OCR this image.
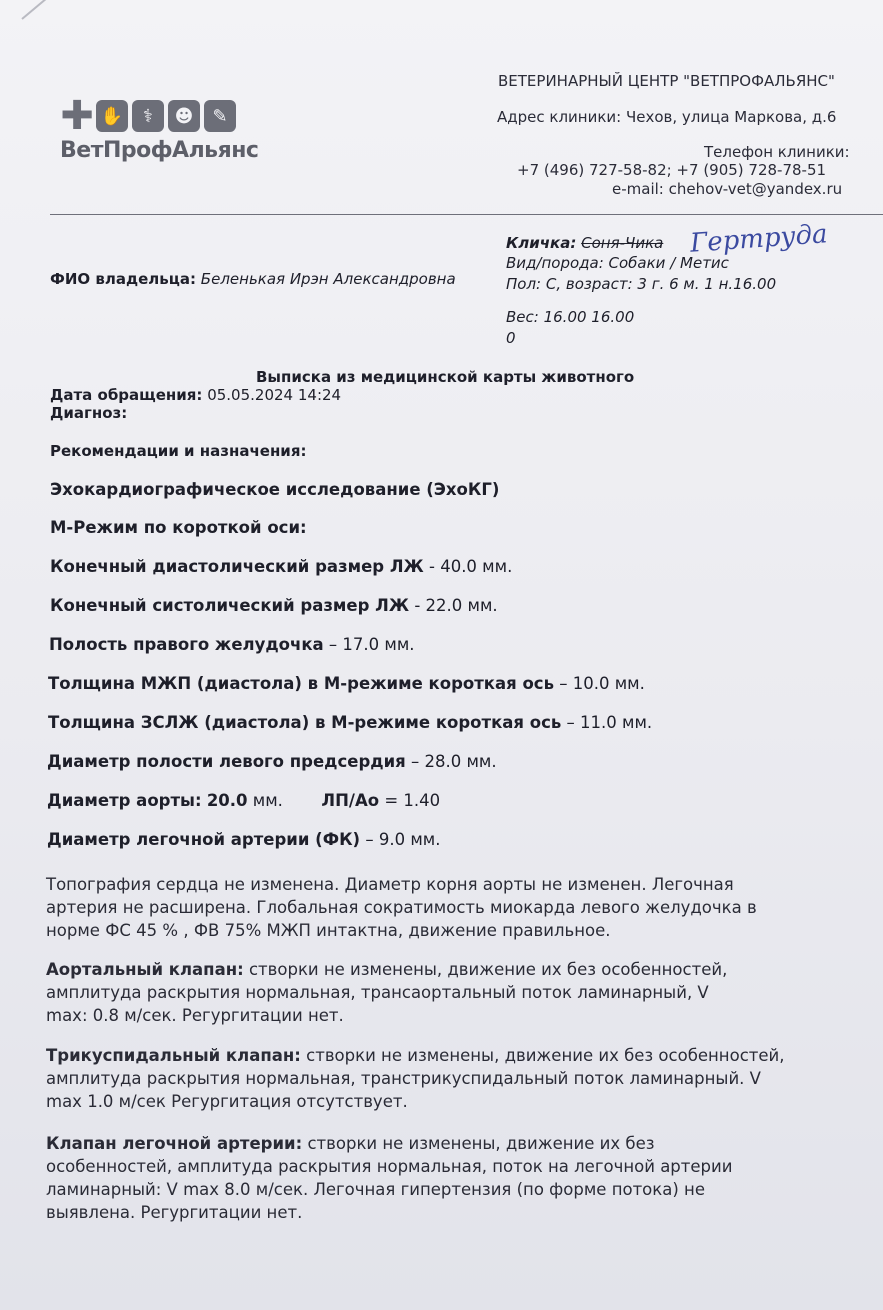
✚ ✋	⚕	☻	✎
ВетПрофАльянс
ВЕТЕРИНАРНЫЙ ЦЕНТР "ВЕТПРОФАЛЬЯНС"
Адрес клиники: Чехов, улица Маркова, д.6
Телефон клиники:
+7 (496) 727-58-82; +7 (905) 728-78-51
e-mail: chehov-vet@yandex.ru
Кличка: Соня-Чика Гертруда
Вид/порода: Собаки / Метис
Пол: С, возраст: 3 г. 6 м. 1 н.16.00
Вес: 16.00 16.00
0
ФИО владельца: Беленькая Ирэн Александровна
Выписка из медицинской карты животного
Дата обращения: 05.05.2024 14:24
Диагноз:
Рекомендации и назначения:
Эхокардиографическое исследование (ЭхоКГ)
М-Режим по короткой оси:
Конечный диастолический размер ЛЖ - 40.0 мм.
Конечный систолический размер ЛЖ - 22.0 мм.
Полость правого желудочка – 17.0 мм.
Толщина МЖП (диастола) в М-режиме короткая ось – 10.0 мм.
Толщина ЗСЛЖ (диастола) в М-режиме короткая ось – 11.0 мм.
Диаметр полости левого предсердия – 28.0 мм.
Диаметр аорты: 20.0 мм. ЛП/Ао = 1.40
Диаметр легочной артерии (ФК) – 9.0 мм.
Топография сердца не изменена. Диаметр корня аорты не изменен. Легочная
артерия не расширена. Глобальная сократимость миокарда левого желудочка в
норме ФС 45 % , ФВ 75% МЖП интактна, движение правильное.
Аортальный клапан: створки не изменены, движение их без особенностей,
амплитуда раскрытия нормальная, трансаортальный поток ламинарный, V
max: 0.8 м/сек. Регургитации нет.
Трикуспидальный клапан: створки не изменены, движение их без особенностей,
амплитуда раскрытия нормальная, транстрикуспидальный поток ламинарный. V
max 1.0 м/сек Регургитация отсутствует.
Клапан легочной артерии: створки не изменены, движение их без
особенностей, амплитуда раскрытия нормальная, поток на легочной артерии
ламинарный: V max 8.0 м/сек. Легочная гипертензия (по форме потока) не
выявлена. Регургитации нет.
